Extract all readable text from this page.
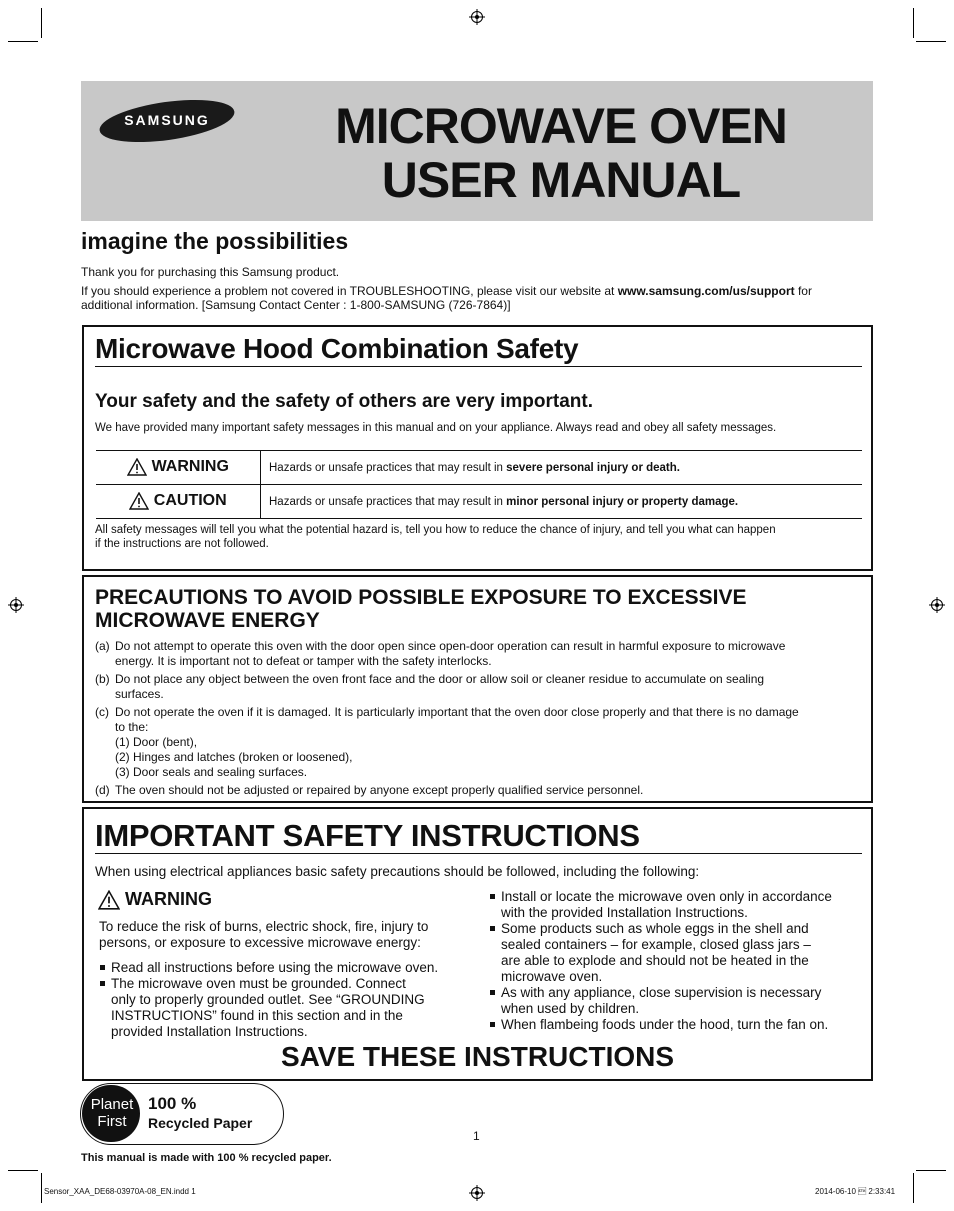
SAMSUNG	MICROWAVE OVEN
USER MANUAL
imagine the possibilities
Thank you for purchasing this Samsung product.
If you should experience a problem not covered in TROUBLESHOOTING, please visit our website at www.samsung.com/us/support for
additional information. [Samsung Contact Center : 1-800-SAMSUNG (726-7864)]
Microwave Hood Combination Safety
Your safety and the safety of others are very important.
We have provided many important safety messages in this manual and on your appliance. Always read and obey all safety messages.
WARNING	Hazards or unsafe practices that may result in severe personal injury or death.
CAUTION	Hazards or unsafe practices that may result in minor personal injury or property damage.
All safety messages will tell you what the potential hazard is, tell you how to reduce the chance of injury, and tell you what can happen
if the instructions are not followed.
PRECAUTIONS TO AVOID POSSIBLE EXPOSURE TO EXCESSIVE
MICROWAVE ENERGY
(a) Do not attempt to operate this oven with the door open since open-door operation can result in harmful exposure to microwave
energy. It is important not to defeat or tamper with the safety interlocks.
(b) Do not place any object between the oven front face and the door or allow soil or cleaner residue to accumulate on sealing
surfaces.
(c) Do not operate the oven if it is damaged. It is particularly important that the oven door close properly and that there is no damage
to the:
(1) Door (bent),
(2) Hinges and latches (broken or loosened),
(3) Door seals and sealing surfaces.
(d) The oven should not be adjusted or repaired by anyone except properly qualified service personnel.
IMPORTANT SAFETY INSTRUCTIONS
When using electrical appliances basic safety precautions should be followed, including the following:
WARNING
To reduce the risk of burns, electric shock, fire, injury to
persons, or exposure to excessive microwave energy:
Read all instructions before using the microwave oven.
The microwave oven must be grounded. Connect
only to properly grounded outlet. See “GROUNDING
INSTRUCTIONS” found in this section and in the
provided Installation Instructions.
Install or locate the microwave oven only in accordance
with the provided Installation Instructions.
Some products such as whole eggs in the shell and
sealed containers – for example, closed glass jars –
are able to explode and should not be heated in the
microwave oven.
As with any appliance, close supervision is necessary
when used by children.
When flambeing foods under the hood, turn the fan on.
SAVE THESE INSTRUCTIONS
Planet
First
100 %
Recycled Paper
1
This manual is made with 100 % recycled paper.
Sensor_XAA_DE68-03970A-08_EN.indd 1	2014-06-10  2:33:41
